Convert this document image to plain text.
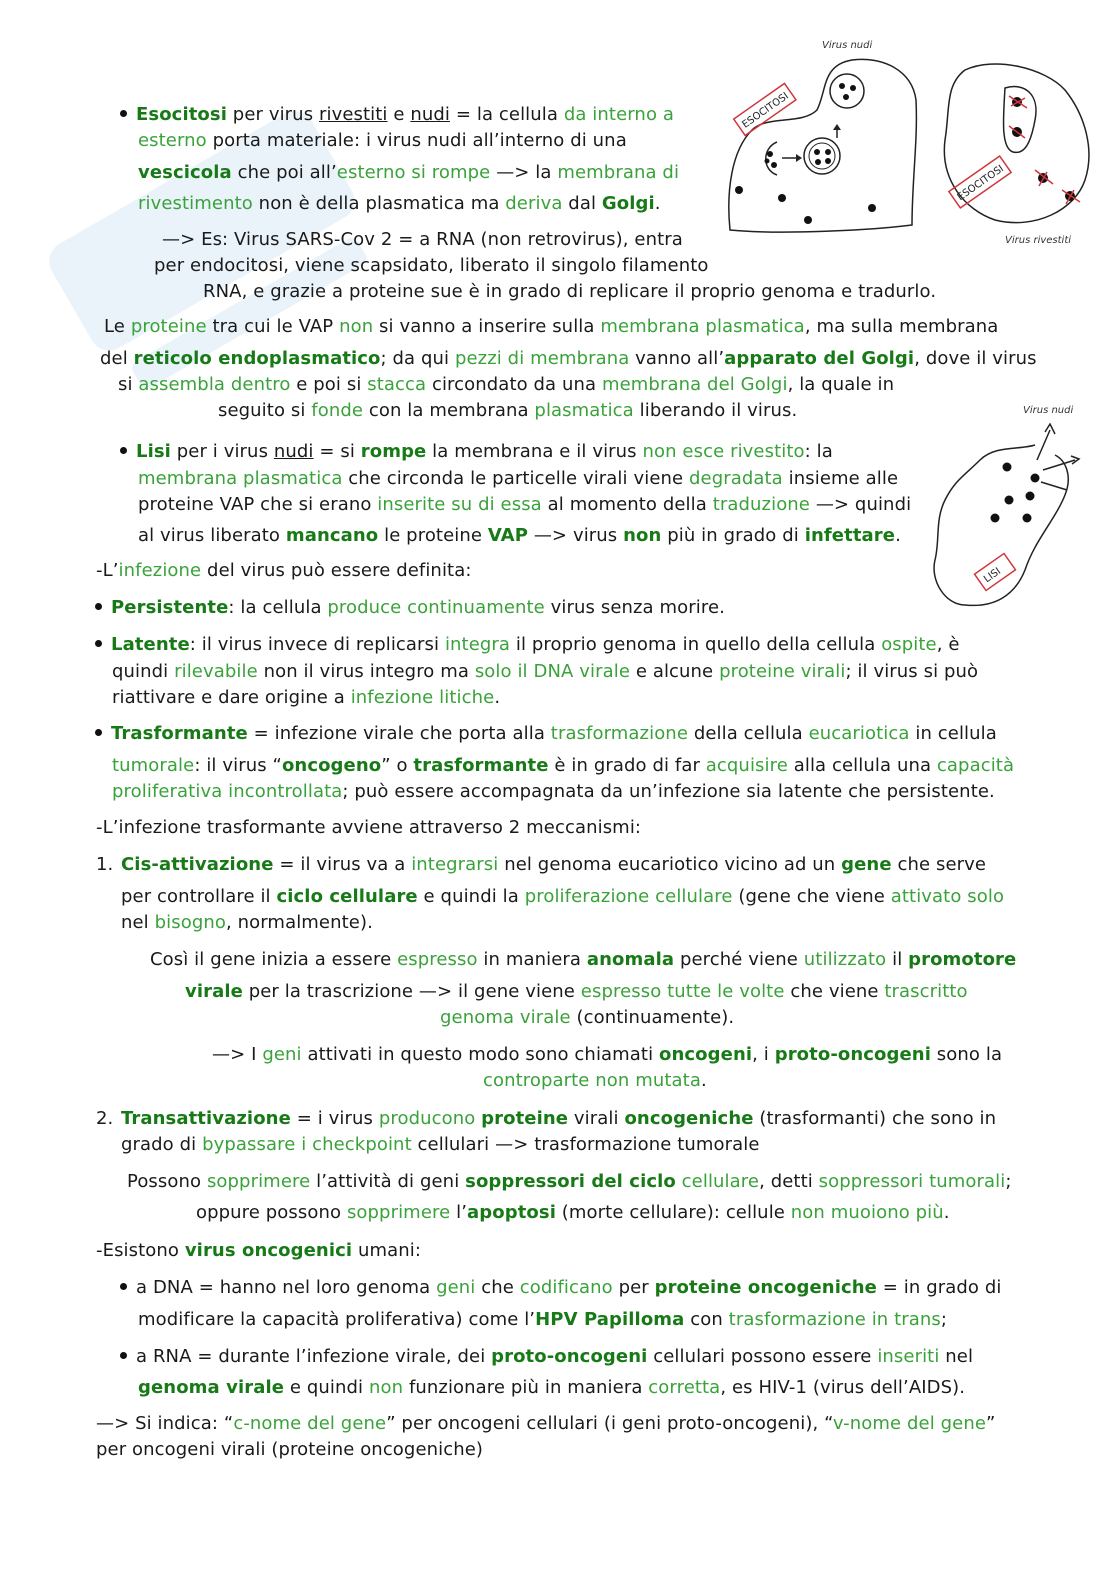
Virus nudi
ESOCITOSI
ESOCITOSI
Virus rivestiti
Virus nudi
LISI
Esocitosi per virus rivestiti e nudi = la cellula da interno a
esterno porta materiale: i virus nudi all’interno di una
vescicola che poi all’esterno si rompe —> la membrana di
rivestimento non è della plasmatica ma deriva dal Golgi.
—> Es: Virus SARS-Cov 2 = a RNA (non retrovirus), entra
per endocitosi, viene scapsidato, liberato il singolo filamento
RNA, e grazie a proteine sue è in grado di replicare il proprio genoma e tradurlo.
Le proteine tra cui le VAP non si vanno a inserire sulla membrana plasmatica, ma sulla membrana
del reticolo endoplasmatico; da qui pezzi di membrana vanno all’apparato del Golgi, dove il virus
si assembla dentro e poi si stacca circondato da una membrana del Golgi, la quale in
seguito si fonde con la membrana plasmatica liberando il virus.
Lisi per i virus nudi = si rompe la membrana e il virus non esce rivestito: la
membrana plasmatica che circonda le particelle virali viene degradata insieme alle
proteine VAP che si erano inserite su di essa al momento della traduzione —> quindi
al virus liberato mancano le proteine VAP —> virus non più in grado di infettare.
-L’infezione del virus può essere definita:
Persistente: la cellula produce continuamente virus senza morire.
Latente: il virus invece di replicarsi integra il proprio genoma in quello della cellula ospite, è
quindi rilevabile non il virus integro ma solo il DNA virale e alcune proteine virali; il virus si può
riattivare e dare origine a infezione litiche.
Trasformante = infezione virale che porta alla trasformazione della cellula eucariotica in cellula
tumorale: il virus “oncogeno” o trasformante è in grado di far acquisire alla cellula una capacità
proliferativa incontrollata; può essere accompagnata da un’infezione sia latente che persistente.
-L’infezione trasformante avviene attraverso 2 meccanismi:
1. Cis-attivazione = il virus va a integrarsi nel genoma eucariotico vicino ad un gene che serve
per controllare il ciclo cellulare e quindi la proliferazione cellulare (gene che viene attivato solo
nel bisogno, normalmente).
Così il gene inizia a essere espresso in maniera anomala perché viene utilizzato il promotore
virale per la trascrizione —> il gene viene espresso tutte le volte che viene trascritto
genoma virale (continuamente).
—> I geni attivati in questo modo sono chiamati oncogeni, i proto-oncogeni sono la
controparte non mutata.
2. Transattivazione = i virus producono proteine virali oncogeniche (trasformanti) che sono in
grado di bypassare i checkpoint cellulari —> trasformazione tumorale
Possono sopprimere l’attività di geni soppressori del ciclo cellulare, detti soppressori tumorali;
oppure possono sopprimere l’apoptosi (morte cellulare): cellule non muoiono più.
-Esistono virus oncogenici umani:
a DNA = hanno nel loro genoma geni che codificano per proteine oncogeniche = in grado di
modificare la capacità proliferativa) come l’HPV Papilloma con trasformazione in trans;
a RNA = durante l’infezione virale, dei proto-oncogeni cellulari possono essere inseriti nel
genoma virale e quindi non funzionare più in maniera corretta, es HIV-1 (virus dell’AIDS).
—> Si indica: “c-nome del gene” per oncogeni cellulari (i geni proto-oncogeni), “v-nome del gene”
per oncogeni virali (proteine oncogeniche)
